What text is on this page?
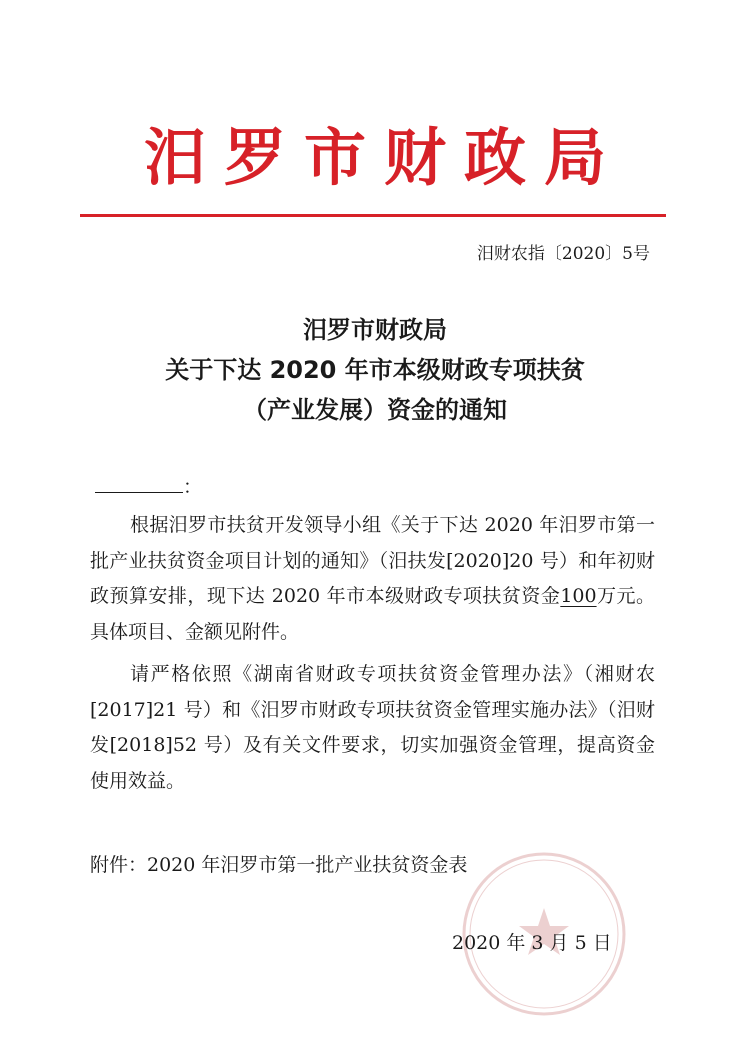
汨罗市财政局
汨财农指〔2020〕5号
汨罗市财政局
关于下达 2020 年市本级财政专项扶贫
（产业发展）资金的通知
：
根据汨罗市扶贫开发领导小组《关于下达 2020 年汨罗市第一批产业扶贫资金项目计划的通知》（汨扶发[2020]20 号）和年初财政预算安排，现下达 2020 年市本级财政专项扶贫资金100万元。具体项目、金额见附件。
请严格依照《湖南省财政专项扶贫资金管理办法》（湘财农[2017]21 号）和《汨罗市财政专项扶贫资金管理实施办法》（汨财发[2018]52 号）及有关文件要求，切实加强资金管理，提高资金使用效益。
附件：2020 年汨罗市第一批产业扶贫资金表
2020 年 3 月 5 日
